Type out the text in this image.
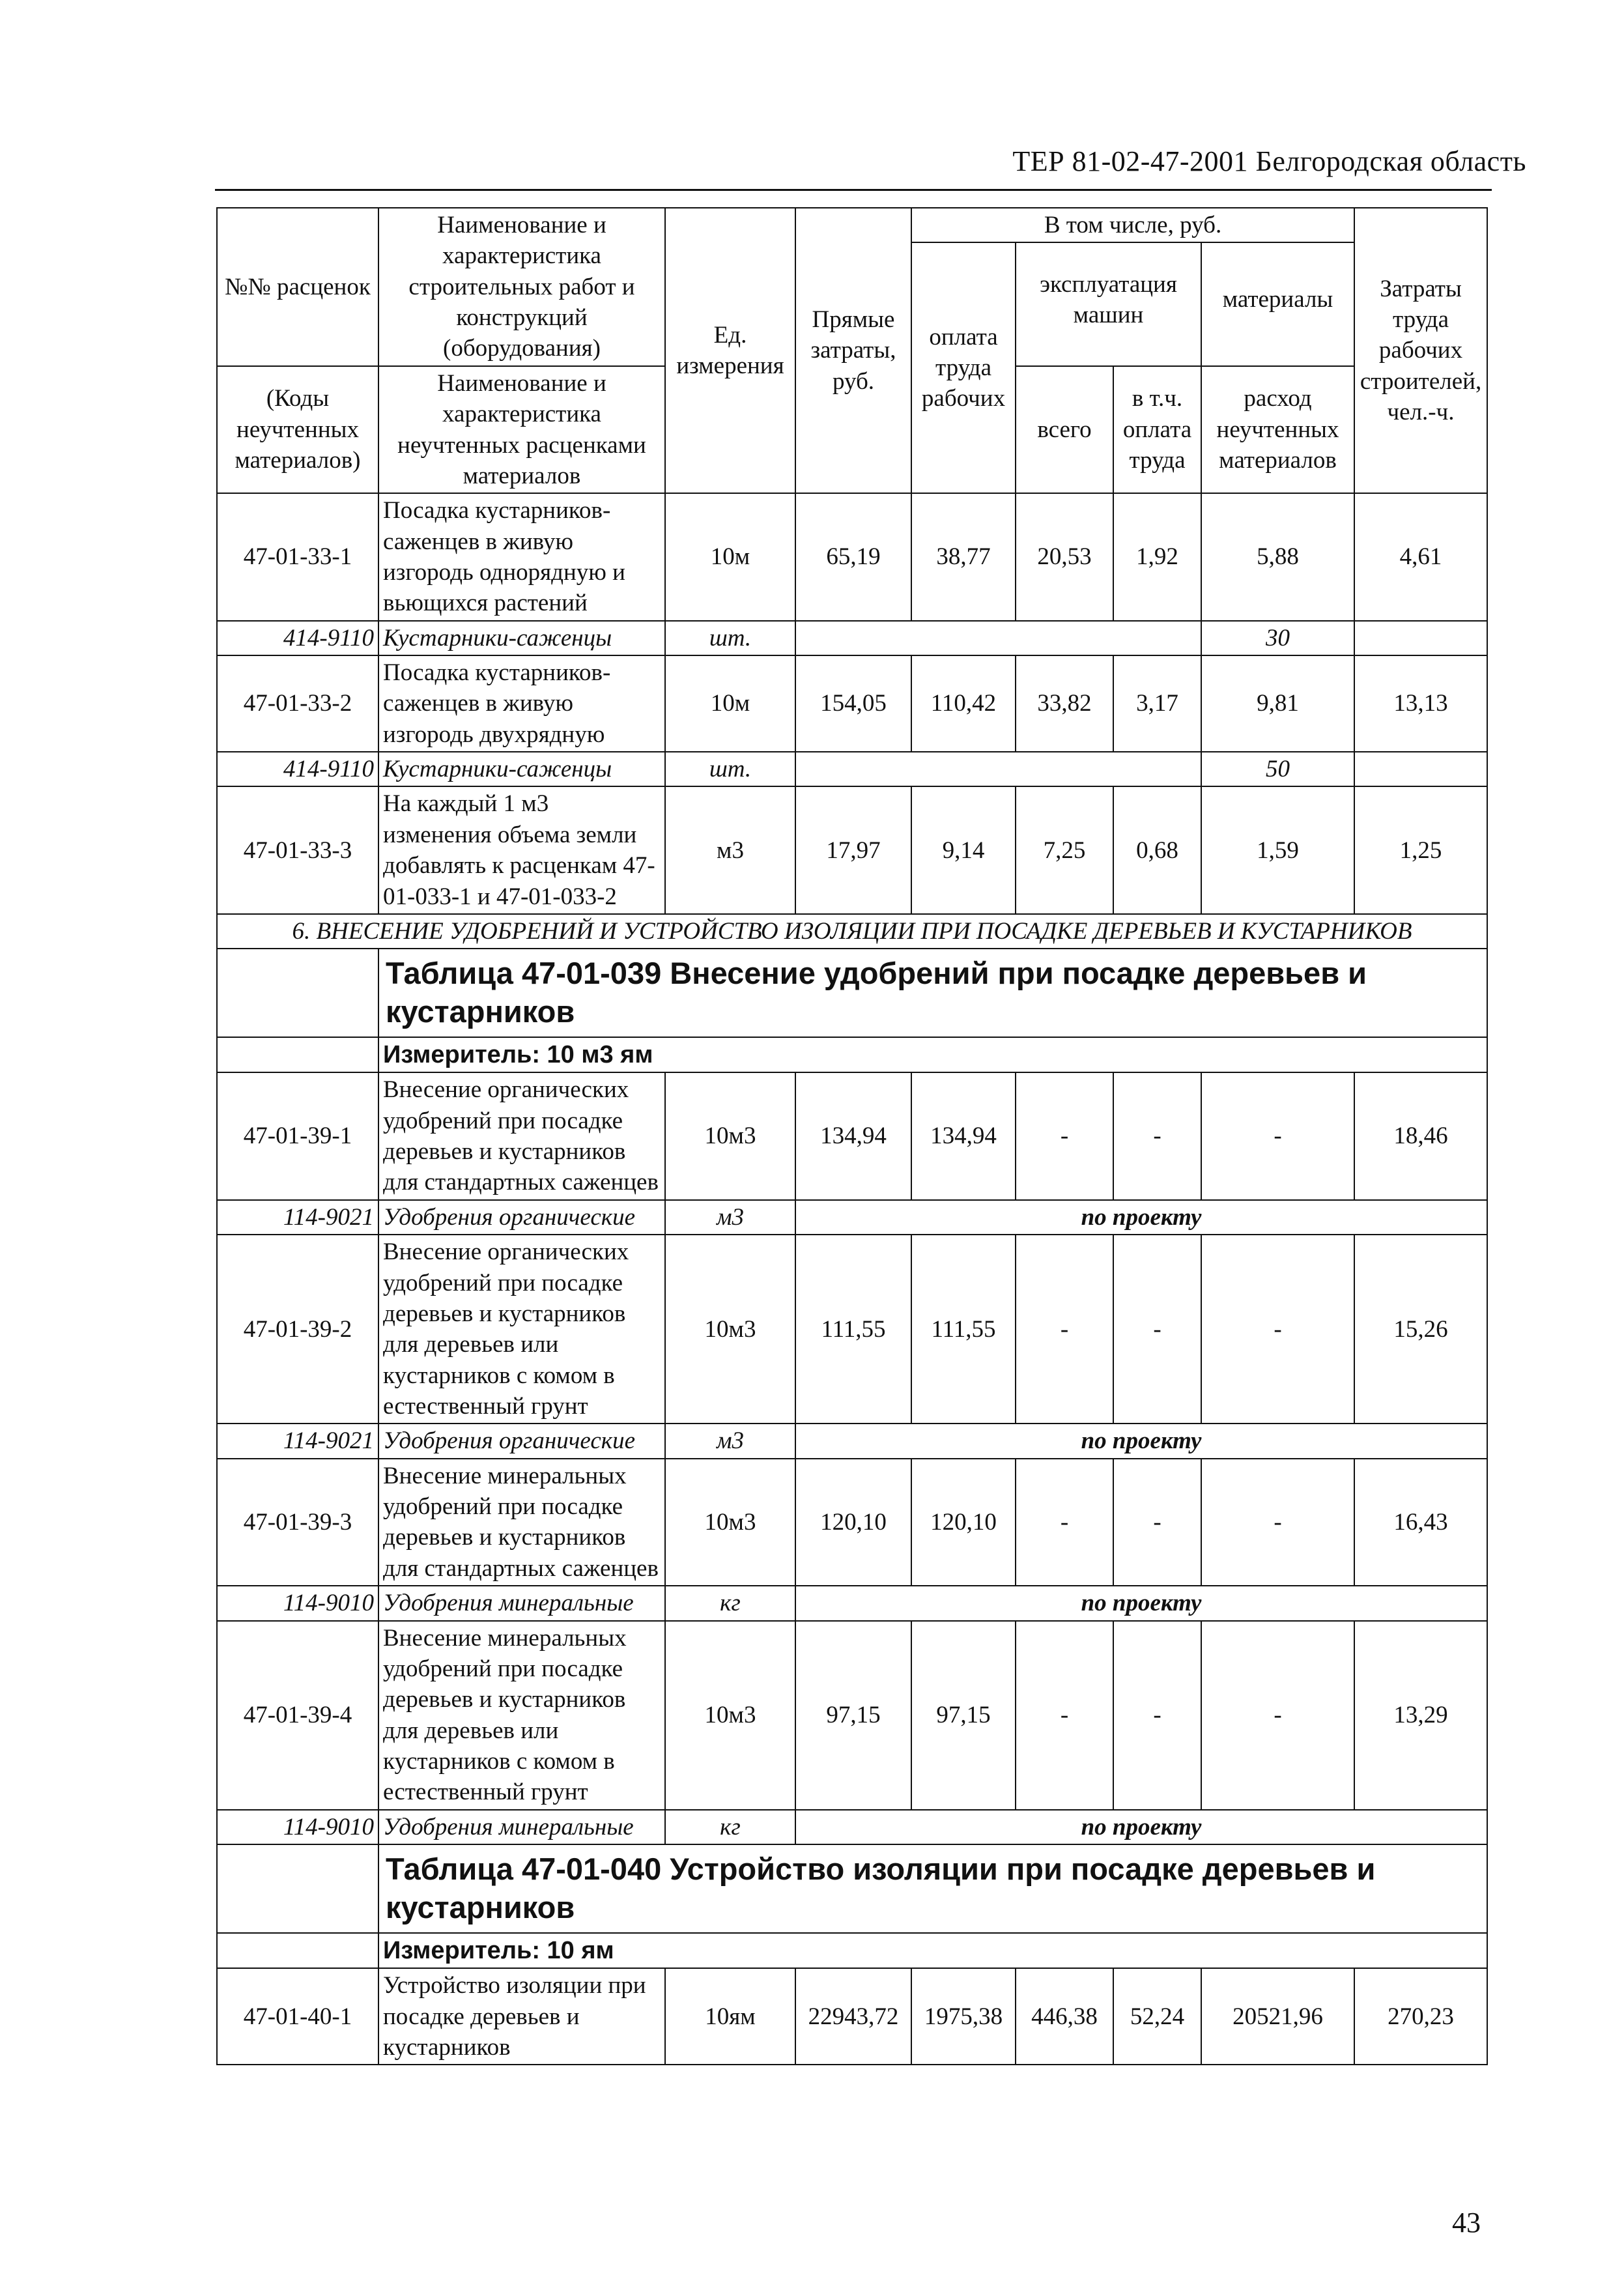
ТЕР 81-02-47-2001 Белгородская область
№№ расценок	Наименование и характеристика строительных работ и конструкций (оборудования)	Ед. измерения	Прямые затраты, руб.	В том числе, руб.				Затраты труда рабочих строителей, чел.-ч.
				оплата труда рабочих	эксплуатация машин		материалы	

(Коды неучтенных материалов)	Наименование и характеристика неучтенных расценками материалов				всего	в т.ч. оплата труда	расход неучтенных материалов	

47-01-33-1	Посадка кустарников-саженцев в живую изгородь однорядную и вьющихся растений	10м	65,19	38,77	20,53	1,92	5,88	4,61
414-9110	Кустарники-саженцы	шт.					30	
47-01-33-2	Посадка кустарников-саженцев в живую изгородь двухрядную	10м	154,05	110,42	33,82	3,17	9,81	13,13
414-9110	Кустарники-саженцы	шт.					50	
47-01-33-3	На каждый 1 м3 изменения объема земли добавлять к расценкам 47-01-033-1 и 47-01-033-2	м3	17,97	9,14	7,25	0,68	1,59	1,25
6. ВНЕСЕНИЕ УДОБРЕНИЙ И УСТРОЙСТВО ИЗОЛЯЦИИ ПРИ ПОСАДКЕ ДЕРЕВЬЕВ И КУСТАРНИКОВ								
	Таблица 47-01-039 Внесение удобрений при посадке деревьев и кустарников							
	Измеритель: 10 м3 ям							
47-01-39-1	Внесение органических удобрений при посадке деревьев и кустарников для стандартных саженцев	10м3	134,94	134,94	-	-	-	18,46
114-9021	Удобрения органические	м3	по проекту					
47-01-39-2	Внесение органических удобрений при посадке деревьев и кустарников для деревьев или кустарников с комом в естественный грунт	10м3	111,55	111,55	-	-	-	15,26
114-9021	Удобрения органические	м3	по проекту					
47-01-39-3	Внесение минеральных удобрений при посадке деревьев и кустарников для стандартных саженцев	10м3	120,10	120,10	-	-	-	16,43
114-9010	Удобрения минеральные	кг	по проекту					
47-01-39-4	Внесение минеральных удобрений при посадке деревьев и кустарников для деревьев или кустарников с комом в естественный грунт	10м3	97,15	97,15	-	-	-	13,29
114-9010	Удобрения минеральные	кг	по проекту					
	Таблица 47-01-040 Устройство изоляции при посадке деревьев и кустарников							
	Измеритель: 10 ям							
47-01-40-1	Устройство изоляции при посадке деревьев и кустарников	10ям	22943,72	1975,38	446,38	52,24	20521,96	270,23
43
